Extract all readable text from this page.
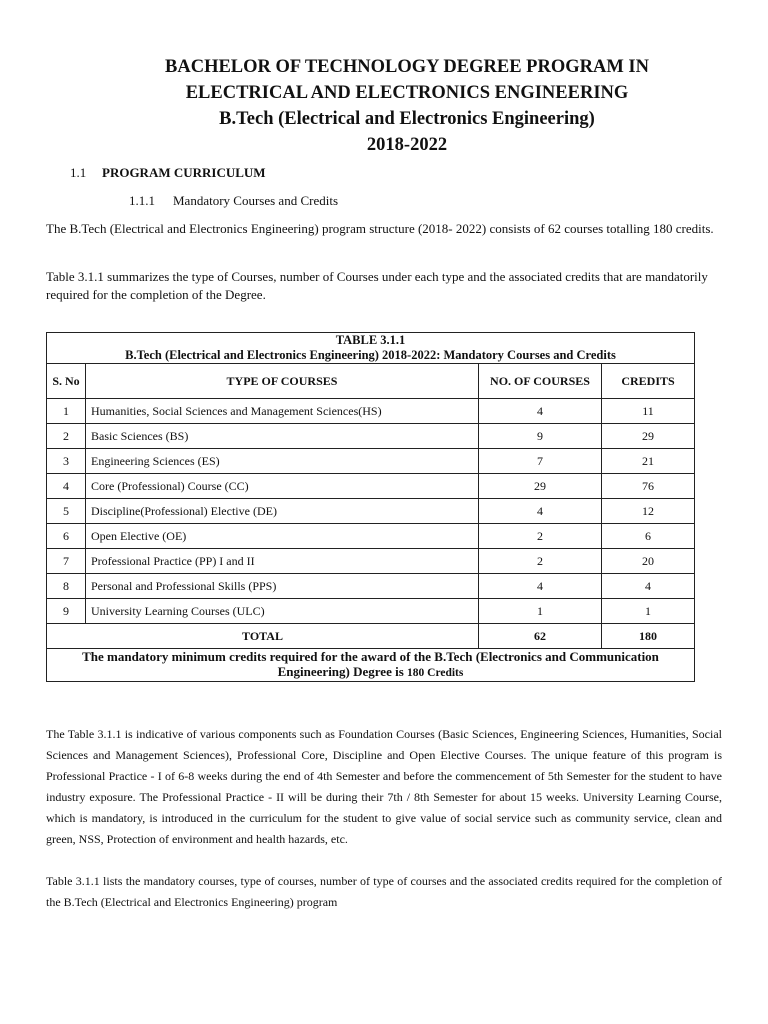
BACHELOR OF TECHNOLOGY DEGREE PROGRAM IN
ELECTRICAL AND ELECTRONICS ENGINEERING
B.Tech (Electrical and Electronics Engineering)
2018-2022
1.1 PROGRAM CURRICULUM
1.1.1 Mandatory Courses and Credits
The B.Tech (Electrical and Electronics Engineering) program structure (2018- 2022) consists of 62 courses totalling 180 credits.
Table 3.1.1 summarizes the type of Courses, number of Courses under each type and the associated credits that are mandatorily required for the completion of the Degree.
TABLE 3.1.1
B.Tech (Electrical and Electronics Engineering) 2018-2022: Mandatory Courses and Credits			

S. No	TYPE OF COURSES	NO. OF COURSES	CREDITS
1	Humanities, Social Sciences and Management Sciences(HS)	4	11
2	Basic Sciences (BS)	9	29
3	Engineering Sciences (ES)	7	21
4	Core (Professional) Course (CC)	29	76
5	Discipline(Professional) Elective (DE)	4	12
6	Open Elective (OE)	2	6
7	Professional Practice (PP) I and II	2	20
8	Personal and Professional Skills (PPS)	4	4
9	University Learning Courses (ULC)	1	1
TOTAL		62	180
The mandatory minimum credits required for the award of the B.Tech (Electronics and Communication Engineering) Degree is 180 Credits			
The Table 3.1.1 is indicative of various components such as Foundation Courses (Basic Sciences, Engineering Sciences, Humanities, Social Sciences and Management Sciences), Professional Core, Discipline and Open Elective Courses. The unique feature of this program is Professional Practice - I of 6-8 weeks during the end of 4th Semester and before the commencement of 5th Semester for the student to have industry exposure. The Professional Practice - II will be during their 7th / 8th Semester for about 15 weeks. University Learning Course, which is mandatory, is introduced in the curriculum for the student to give value of social service such as community service, clean and green, NSS, Protection of environment and health hazards, etc.
Table 3.1.1 lists the mandatory courses, type of courses, number of type of courses and the associated credits required for the completion of the B.Tech (Electrical and Electronics Engineering) program
